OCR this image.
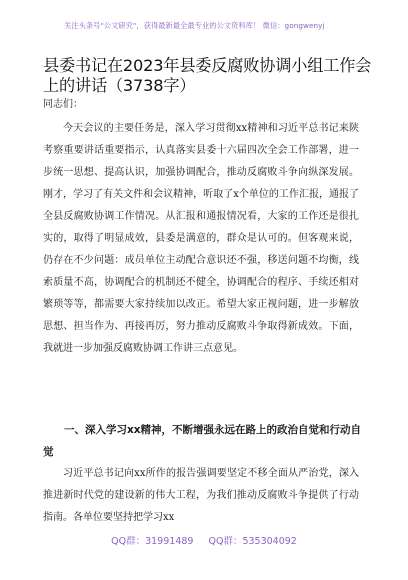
关注头条号"公文研究"，获得最新最全最专业的公文资料库！ 微信：gongwenyj
县委书记在2023年县委反腐败协调小组工作会上的讲话（3738字）
同志们：

今天会议的主要任务是，深入学习贯彻xx精神和习近平总书记来陕考察重要讲话重要指示，认真落实县委十六届四次全会工作部署，进一步统一思想、提高认识，加强协调配合，推动反腐败斗争向纵深发展。刚才，学习了有关文件和会议精神，听取了x个单位的工作汇报，通报了全县反腐败协调工作情况。从汇报和通报情况看，大家的工作还是很扎实的，取得了明显成效，县委是满意的，群众是认可的。但客观来说，仍存在不少问题：成员单位主动配合意识还不强，移送问题不均衡，线索质量不高，协调配合的机制还不健全，协调配合的程序、手续还相对繁琐等等，都需要大家持续加以改正。希望大家正视问题，进一步解放思想、担当作为、再接再厉，努力推动反腐败斗争取得新成效。下面，我就进一步加强反腐败协调工作讲三点意见。

一、深入学习xx精神，不断增强永远在路上的政治自觉和行动自觉

习近平总书记向xx所作的报告强调要坚定不移全面从严治党，深入推进新时代党的建设新的伟大工程，为我们推动反腐败斗争提供了行动指南。各单位要坚持把学习xx

QQ群：31991489 QQ群：535304092
